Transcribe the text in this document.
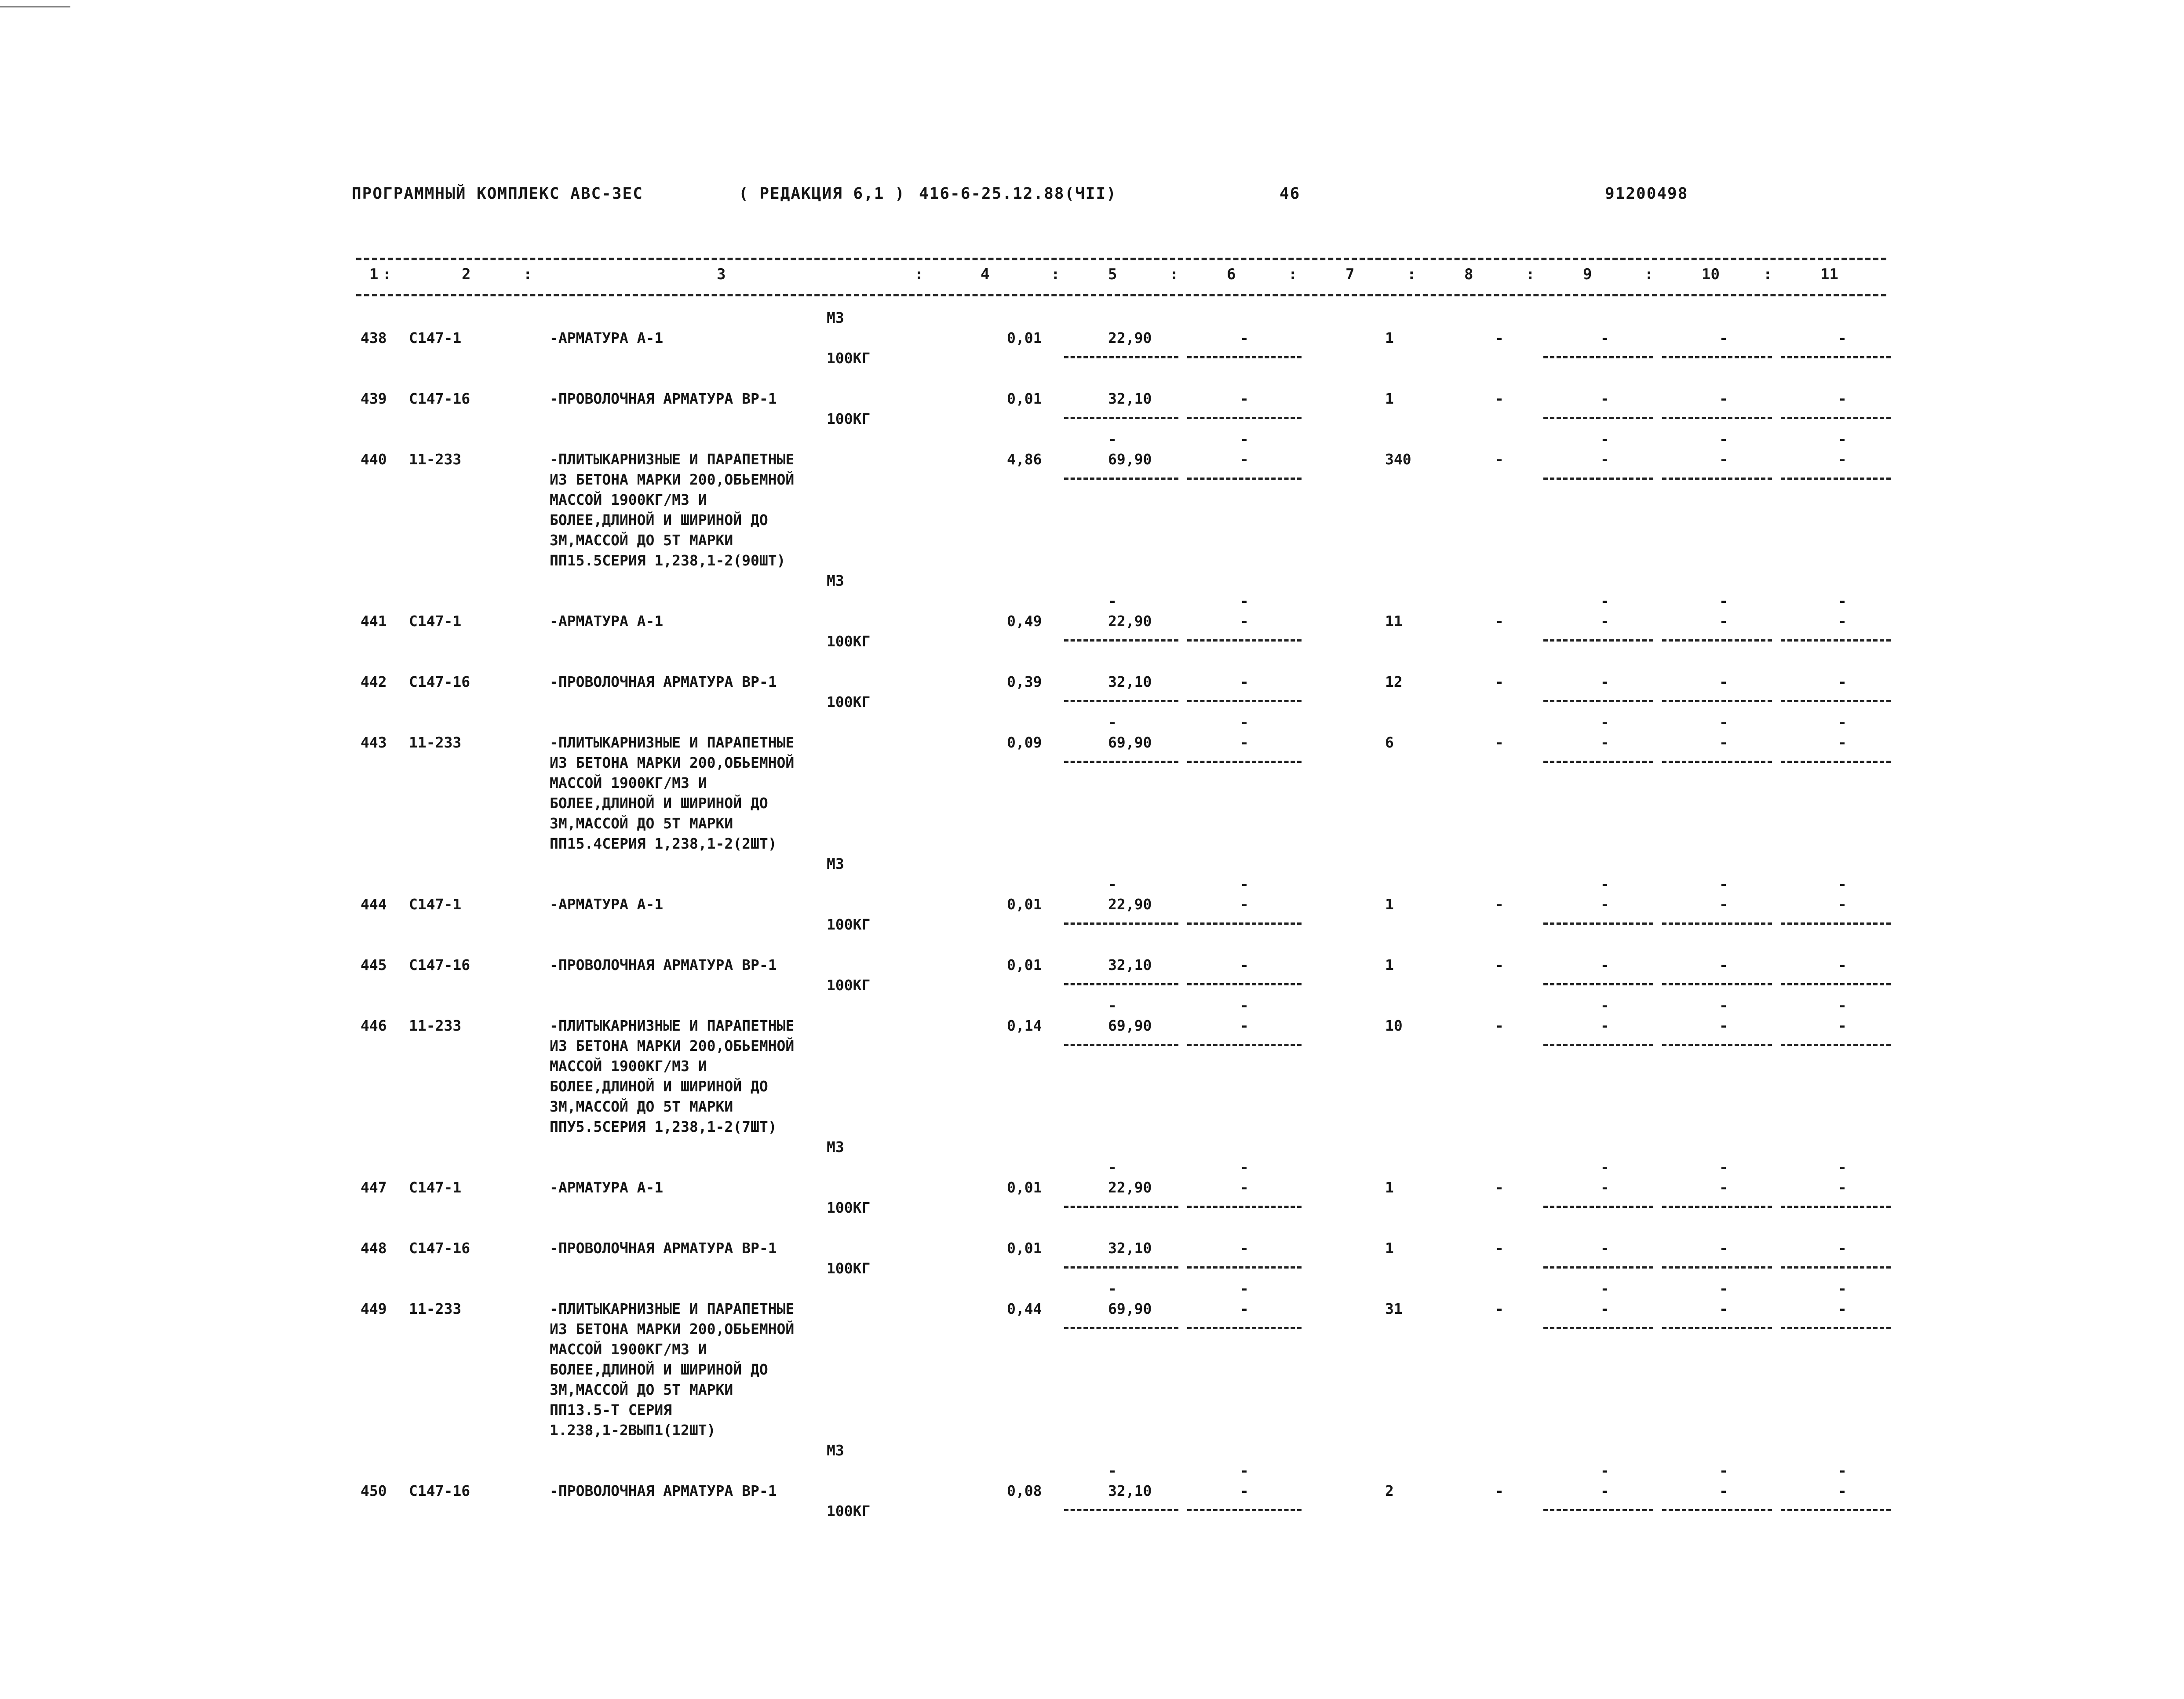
ПРОГРАММНЫЙ КОМПЛЕКС АВС-3ЕС	( РЕДАКЦИЯ 6,1 ) 416-6-25.12.88(ЧII)	46	91200498
1 :	2	:	3	:	4	:	5	:	6	:	7	:	8	:	9	:	10	:	11
М3
438 С147-1	-АРМАТУРА А-1	0,01	22,90	-	1	-	-	-	-
100КГ
439 С147-16	-ПРОВОЛОЧНАЯ АРМАТУРА ВР-1	0,01	32,10	-	1	-	-	-	-
100КГ
-	-	-	-	-
440 11-233	-ПЛИТЫКАРНИЗНЫЕ И ПАРАПЕТНЫЕ	4,86	69,90	-	340	-	-	-	-
ИЗ БЕТОНА МАРКИ 200,ОБЬЕМНОЙ
МАССОЙ 1900КГ/М3 И
БОЛЕЕ,ДЛИНОЙ И ШИРИНОЙ ДО
3М,МАССОЙ ДО 5Т МАРКИ
ПП15.5СЕРИЯ 1,238,1-2(90ШТ)
М3
-	-	-	-	-
441 С147-1	-АРМАТУРА А-1	0,49	22,90	-	11	-	-	-	-
100КГ
442 С147-16	-ПРОВОЛОЧНАЯ АРМАТУРА ВР-1	0,39	32,10	-	12	-	-	-	-
100КГ
-	-	-	-	-
443 11-233	-ПЛИТЫКАРНИЗНЫЕ И ПАРАПЕТНЫЕ	0,09	69,90	-	6	-	-	-	-
ИЗ БЕТОНА МАРКИ 200,ОБЬЕМНОЙ
МАССОЙ 1900КГ/М3 И
БОЛЕЕ,ДЛИНОЙ И ШИРИНОЙ ДО
3М,МАССОЙ ДО 5Т МАРКИ
ПП15.4СЕРИЯ 1,238,1-2(2ШТ)
М3
-	-	-	-	-
444 С147-1	-АРМАТУРА А-1	0,01	22,90	-	1	-	-	-	-
100КГ
445 С147-16	-ПРОВОЛОЧНАЯ АРМАТУРА ВР-1	0,01	32,10	-	1	-	-	-	-
100КГ
-	-	-	-	-
446 11-233	-ПЛИТЫКАРНИЗНЫЕ И ПАРАПЕТНЫЕ	0,14	69,90	-	10	-	-	-	-
ИЗ БЕТОНА МАРКИ 200,ОБЬЕМНОЙ
МАССОЙ 1900КГ/М3 И
БОЛЕЕ,ДЛИНОЙ И ШИРИНОЙ ДО
3М,МАССОЙ ДО 5Т МАРКИ
ППУ5.5СЕРИЯ 1,238,1-2(7ШТ)
М3
-	-	-	-	-
447 С147-1	-АРМАТУРА А-1	0,01	22,90	-	1	-	-	-	-
100КГ
448 С147-16	-ПРОВОЛОЧНАЯ АРМАТУРА ВР-1	0,01	32,10	-	1	-	-	-	-
100КГ
-	-	-	-	-
449 11-233	-ПЛИТЫКАРНИЗНЫЕ И ПАРАПЕТНЫЕ	0,44	69,90	-	31	-	-	-	-
ИЗ БЕТОНА МАРКИ 200,ОБЬЕМНОЙ
МАССОЙ 1900КГ/М3 И
БОЛЕЕ,ДЛИНОЙ И ШИРИНОЙ ДО
3М,МАССОЙ ДО 5Т МАРКИ
ПП13.5-Т СЕРИЯ
1.238,1-2ВЫП1(12ШТ)
М3
-	-	-	-	-
450 С147-16	-ПРОВОЛОЧНАЯ АРМАТУРА ВР-1	0,08	32,10	-	2	-	-	-	-
100КГ
